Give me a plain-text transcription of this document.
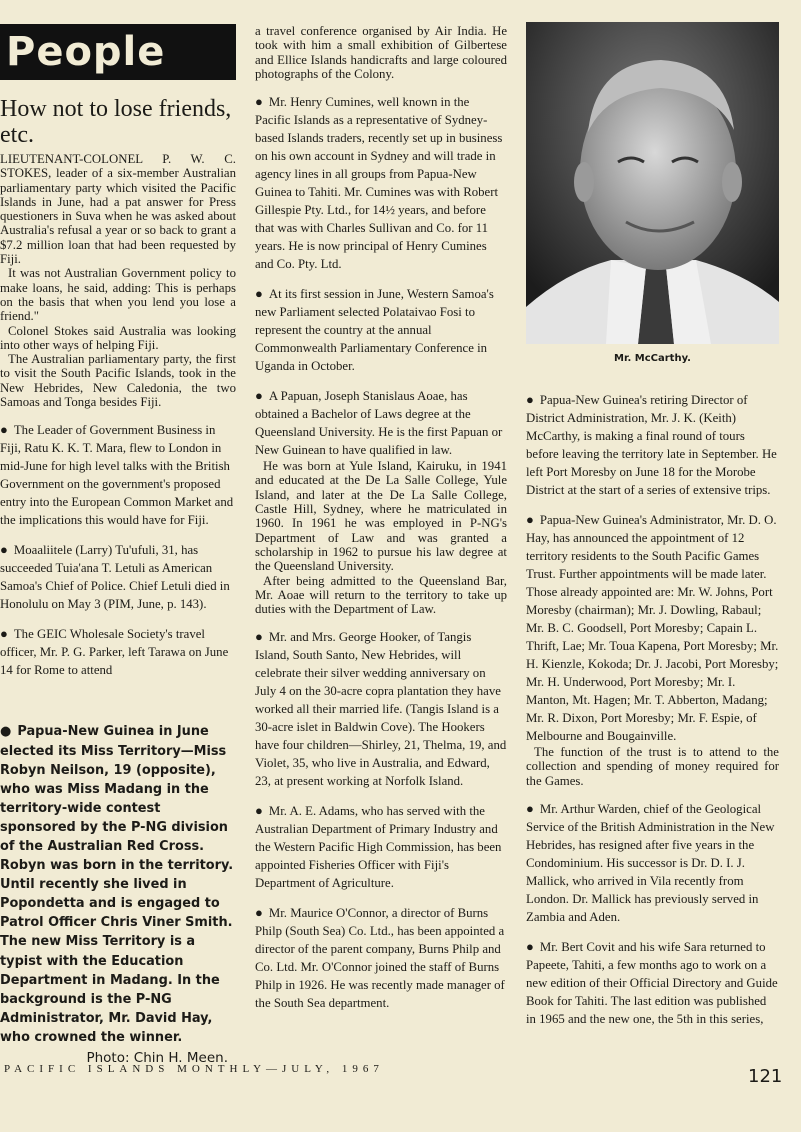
People
How not to lose friends, etc.

LIEUTENANT-COLONEL P. W. C. STOKES, leader of a six-member Australian parliamentary party which visited the Pacific Islands in June, had a pat answer for Press questioners in Suva when he was asked about Australia's refusal a year or so back to grant a $7.2 million loan that had been requested by Fiji.

It was not Australian Government policy to make loans, he said, adding: This is perhaps on the basis that when you lend you lose a friend."

Colonel Stokes said Australia was looking into other ways of helping Fiji.

The Australian parliamentary party, the first to visit the South Pacific Islands, took in the New Hebrides, New Caledonia, the two Samoas and Tonga besides Fiji.

● The Leader of Government Business in Fiji, Ratu K. K. T. Mara, flew to London in mid-June for high level talks with the British Government on the government's proposed entry into the European Common Market and the implications this would have for Fiji.
● Moaaliitele (Larry) Tu'ufuli, 31, has succeeded Tuia'ana T. Letuli as American Samoa's Chief of Police. Chief Letuli died in Honolulu on May 3 (PIM, June, p. 143).
● The GEIC Wholesale Society's travel officer, Mr. P. G. Parker, left Tarawa on June 14 for Rome to attend

● Papua-New Guinea in June elected its Miss Territory—Miss Robyn Neilson, 19 (opposite), who was Miss Madang in the territory-wide contest sponsored by the P-NG division of the Australian Red Cross. Robyn was born in the territory. Until recently she lived in Popondetta and is engaged to Patrol Officer Chris Viner Smith. The new Miss Territory is a typist with the Education Department in Madang. In the background is the P-NG Administrator, Mr. David Hay, who crowned the winner.

Photo: Chin H. Meen.

a travel conference organised by Air India. He took with him a small exhibition of Gilbertese and Ellice Islands handicrafts and large coloured photographs of the Colony.

● Mr. Henry Cumines, well known in the Pacific Islands as a representative of Sydney-based Islands traders, recently set up in business on his own account in Sydney and will trade in agency lines in all groups from Papua-New Guinea to Tahiti. Mr. Cumines was with Robert Gillespie Pty. Ltd., for 14½ years, and before that was with Charles Sullivan and Co. for 11 years. He is now principal of Henry Cumines and Co. Pty. Ltd.
● At its first session in June, Western Samoa's new Parliament selected Polataivao Fosi to represent the country at the annual Commonwealth Parliamentary Conference in Uganda in October.
● A Papuan, Joseph Stanislaus Aoae, has obtained a Bachelor of Laws degree at the Queensland University. He is the first Papuan or New Guinean to have qualified in law.

He was born at Yule Island, Kairuku, in 1941 and educated at the De La Salle College, Yule Island, and later at the De La Salle College, Castle Hill, Sydney, where he matriculated in 1960. In 1961 he was employed in P-NG's Department of Law and was granted a scholarship in 1962 to pursue his law degree at the Queensland University.

After being admitted to the Queensland Bar, Mr. Aoae will return to the territory to take up duties with the Department of Law.

● Mr. and Mrs. George Hooker, of Tangis Island, South Santo, New Hebrides, will celebrate their silver wedding anniversary on July 4 on the 30-acre copra plantation they have worked all their married life. (Tangis Island is a 30-acre islet in Baldwin Cove). The Hookers have four children—Shirley, 21, Thelma, 19, and Violet, 35, who live in Australia, and Edward, 23, at present working at Norfolk Island.
● Mr. A. E. Adams, who has served with the Australian Department of Primary Industry and the Western Pacific High Commission, has been appointed Fisheries Officer with Fiji's Department of Agriculture.
● Mr. Maurice O'Connor, a director of Burns Philp (South Sea) Co. Ltd., has been appointed a director of the parent company, Burns Philp and Co. Ltd. Mr. O'Connor joined the staff of Burns Philp in 1926. He was recently made manager of the South Sea department.
Mr. McCarthy.
● Papua-New Guinea's retiring Director of District Administration, Mr. J. K. (Keith) McCarthy, is making a final round of tours before leaving the territory late in September. He left Port Moresby on June 18 for the Morobe District at the start of a series of extensive trips.
● Papua-New Guinea's Administrator, Mr. D. O. Hay, has announced the appointment of 12 territory residents to the South Pacific Games Trust. Further appointments will be made later. Those already appointed are: Mr. W. Johns, Port Moresby (chairman); Mr. J. Dowling, Rabaul; Mr. B. C. Goodsell, Port Moresby; Capain L. Thrift, Lae; Mr. Toua Kapena, Port Moresby; Mr. H. Kienzle, Kokoda; Dr. J. Jacobi, Port Moresby; Mr. H. Underwood, Port Moresby; Mr. I. Manton, Mt. Hagen; Mr. T. Abberton, Madang; Mr. R. Dixon, Port Moresby; Mr. F. Espie, of Melbourne and Bougainville.

The function of the trust is to attend to the collection and spending of money required for the Games.

● Mr. Arthur Warden, chief of the Geological Service of the British Administration in the New Hebrides, has resigned after five years in the Condominium. His successor is Dr. D. I. J. Mallick, who arrived in Vila recently from London. Dr. Mallick has previously served in Zambia and Aden.
● Mr. Bert Covit and his wife Sara returned to Papeete, Tahiti, a few months ago to work on a new edition of their Official Directory and Guide Book for Tahiti. The last edition was published in 1965 and the new one, the 5th in this series,
PACIFIC ISLANDS MONTHLY—JULY, 1967	121
